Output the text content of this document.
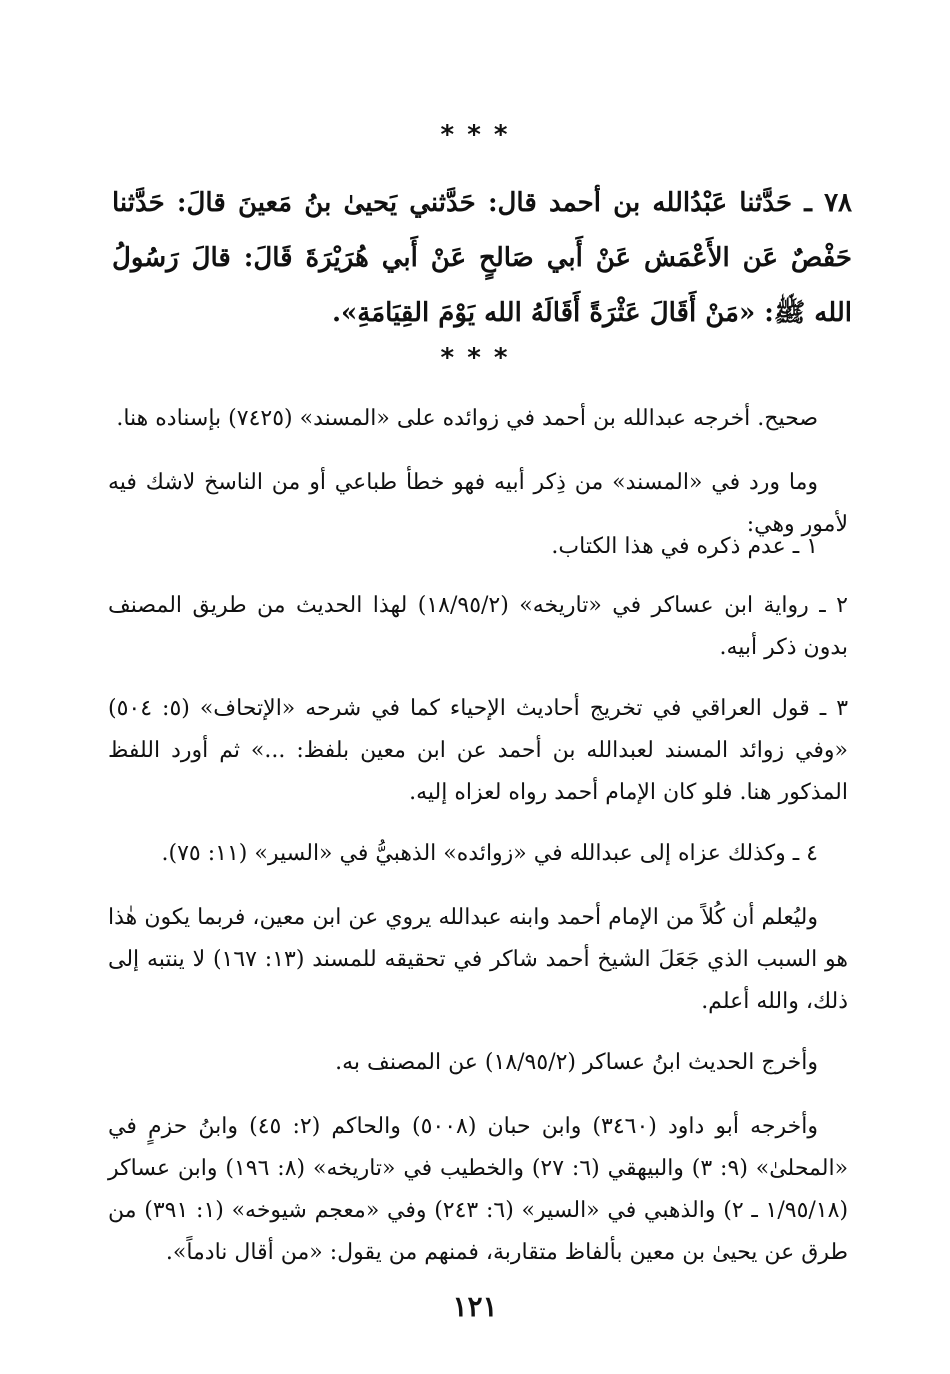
* * *
٧٨ ـ حَدَّثنا عَبْدُالله بن أحمد قال: حَدَّثني يَحيىٰ بنُ مَعينَ قالَ: حَدَّثنا حَفْصٌ عَن الأَعْمَش عَنْ أَبي صَالحٍ عَنْ أَبي هُرَيْرَةَ قَالَ: قالَ رَسُولُ الله ﷺ: «مَنْ أَقَالَ عَثْرَةً أَقَالَهُ الله يَوْمَ القِيَامَةِ».
* * *
صحيح. أخرجه عبدالله بن أحمد في زوائده على «المسند» (٧٤٢٥) بإسناده هنا.
وما ورد في «المسند» من ذِكر أبيه فهو خطأ طباعي أو من الناسخ لاشك فيه لأمور وهي:
١ ـ عدم ذكره في هذا الكتاب.
٢ ـ رواية ابن عساكر في «تاريخه» (١٨/٩٥/٢) لهذا الحديث من طريق المصنف بدون ذكر أبيه.
٣ ـ قول العراقي في تخريج أحاديث الإحياء كما في شرحه «الإتحاف» (٥: ٥٠٤) «وفي زوائد المسند لعبدالله بن أحمد عن ابن معين بلفظ: ...» ثم أورد اللفظ المذكور هنا. فلو كان الإمام أحمد رواه لعزاه إليه.
٤ ـ وكذلك عزاه إلى عبدالله في «زوائده» الذهبيُّ في «السير» (١١: ٧٥).
وليُعلم أن كُلاً من الإمام أحمد وابنه عبدالله يروي عن ابن معين، فربما يكون هٰذا هو السبب الذي جَعَلَ الشيخ أحمد شاكر في تحقيقه للمسند (١٣: ١٦٧) لا ينتبه إلى ذلك، والله أعلم.
وأخرج الحديث ابنُ عساكر (١٨/٩٥/٢) عن المصنف به.
وأخرجه أبو داود (٣٤٦٠) وابن حبان (٥٠٠٨) والحاكم (٢: ٤٥) وابنُ حزمٍ في «المحلىٰ» (٩: ٣) والبيهقي (٦: ٢٧) والخطيب في «تاريخه» (٨: ١٩٦) وابن عساكر (١/٩٥/١٨ ـ ٢) والذهبي في «السير» (٦: ٢٤٣) وفي «معجم شيوخه» (١: ٣٩١) من طرق عن يحيىٰ بن معين بألفاظ متقاربة، فمنهم من يقول: «من أقال نادماً».
١٢١
